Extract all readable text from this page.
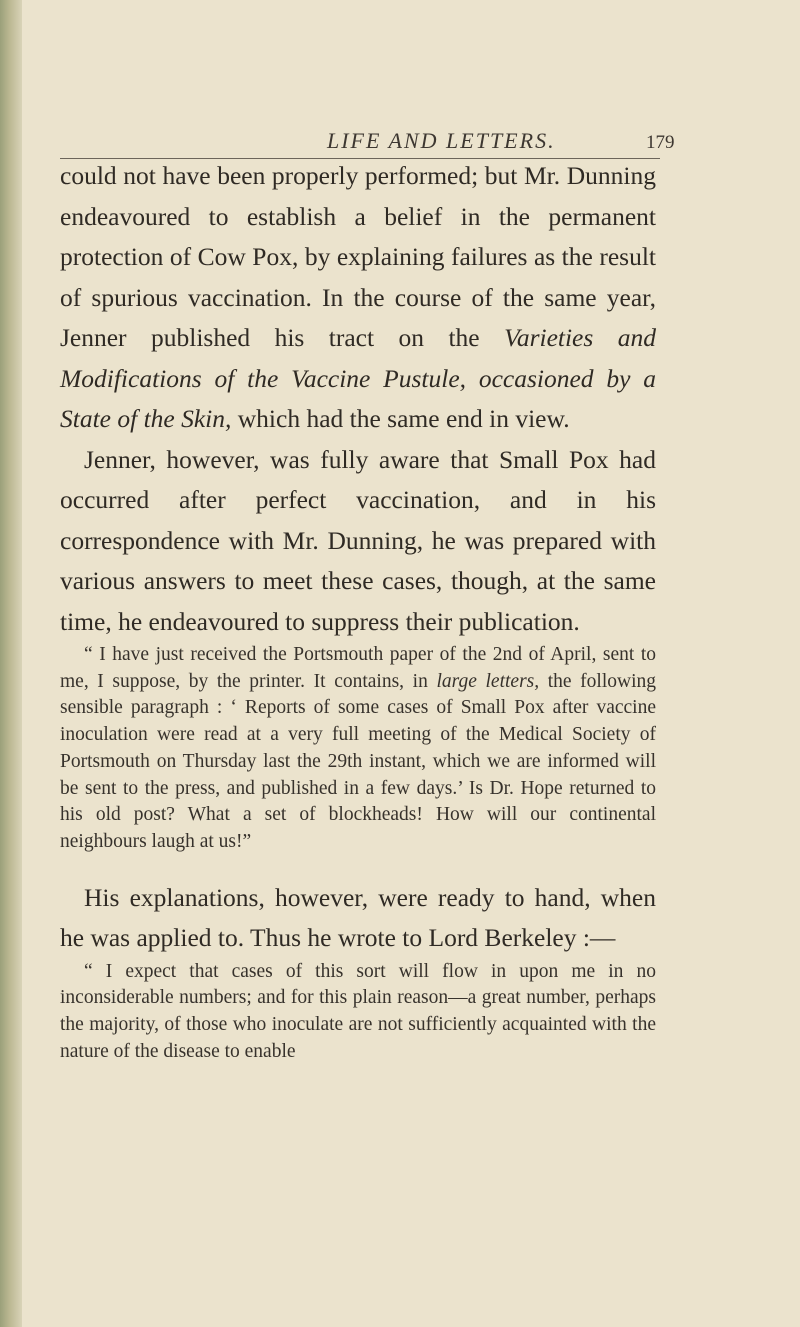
LIFE AND LETTERS.	179

could not have been properly performed; but Mr. Dunning endeavoured to establish a belief in the permanent protection of Cow Pox, by explaining failures as the result of spurious vaccination. In the course of the same year, Jenner published his tract on the Varieties and Modifications of the Vaccine Pustule, occasioned by a State of the Skin, which had the same end in view.

Jenner, however, was fully aware that Small Pox had occurred after perfect vaccination, and in his correspondence with Mr. Dunning, he was prepared with various answers to meet these cases, though, at the same time, he endeavoured to suppress their publication.

“ I have just received the Portsmouth paper of the 2nd of April, sent to me, I suppose, by the printer. It contains, in large letters, the following sensible paragraph : ‘ Reports of some cases of Small Pox after vaccine inoculation were read at a very full meeting of the Medical Society of Portsmouth on Thursday last the 29th instant, which we are informed will be sent to the press, and published in a few days.’ Is Dr. Hope returned to his old post? What a set of blockheads! How will our continental neighbours laugh at us!”

His explanations, however, were ready to hand, when he was applied to. Thus he wrote to Lord Berkeley :—

“ I expect that cases of this sort will flow in upon me in no inconsiderable numbers; and for this plain reason—a great number, perhaps the majority, of those who inoculate are not sufficiently acquainted with the nature of the disease to enable
